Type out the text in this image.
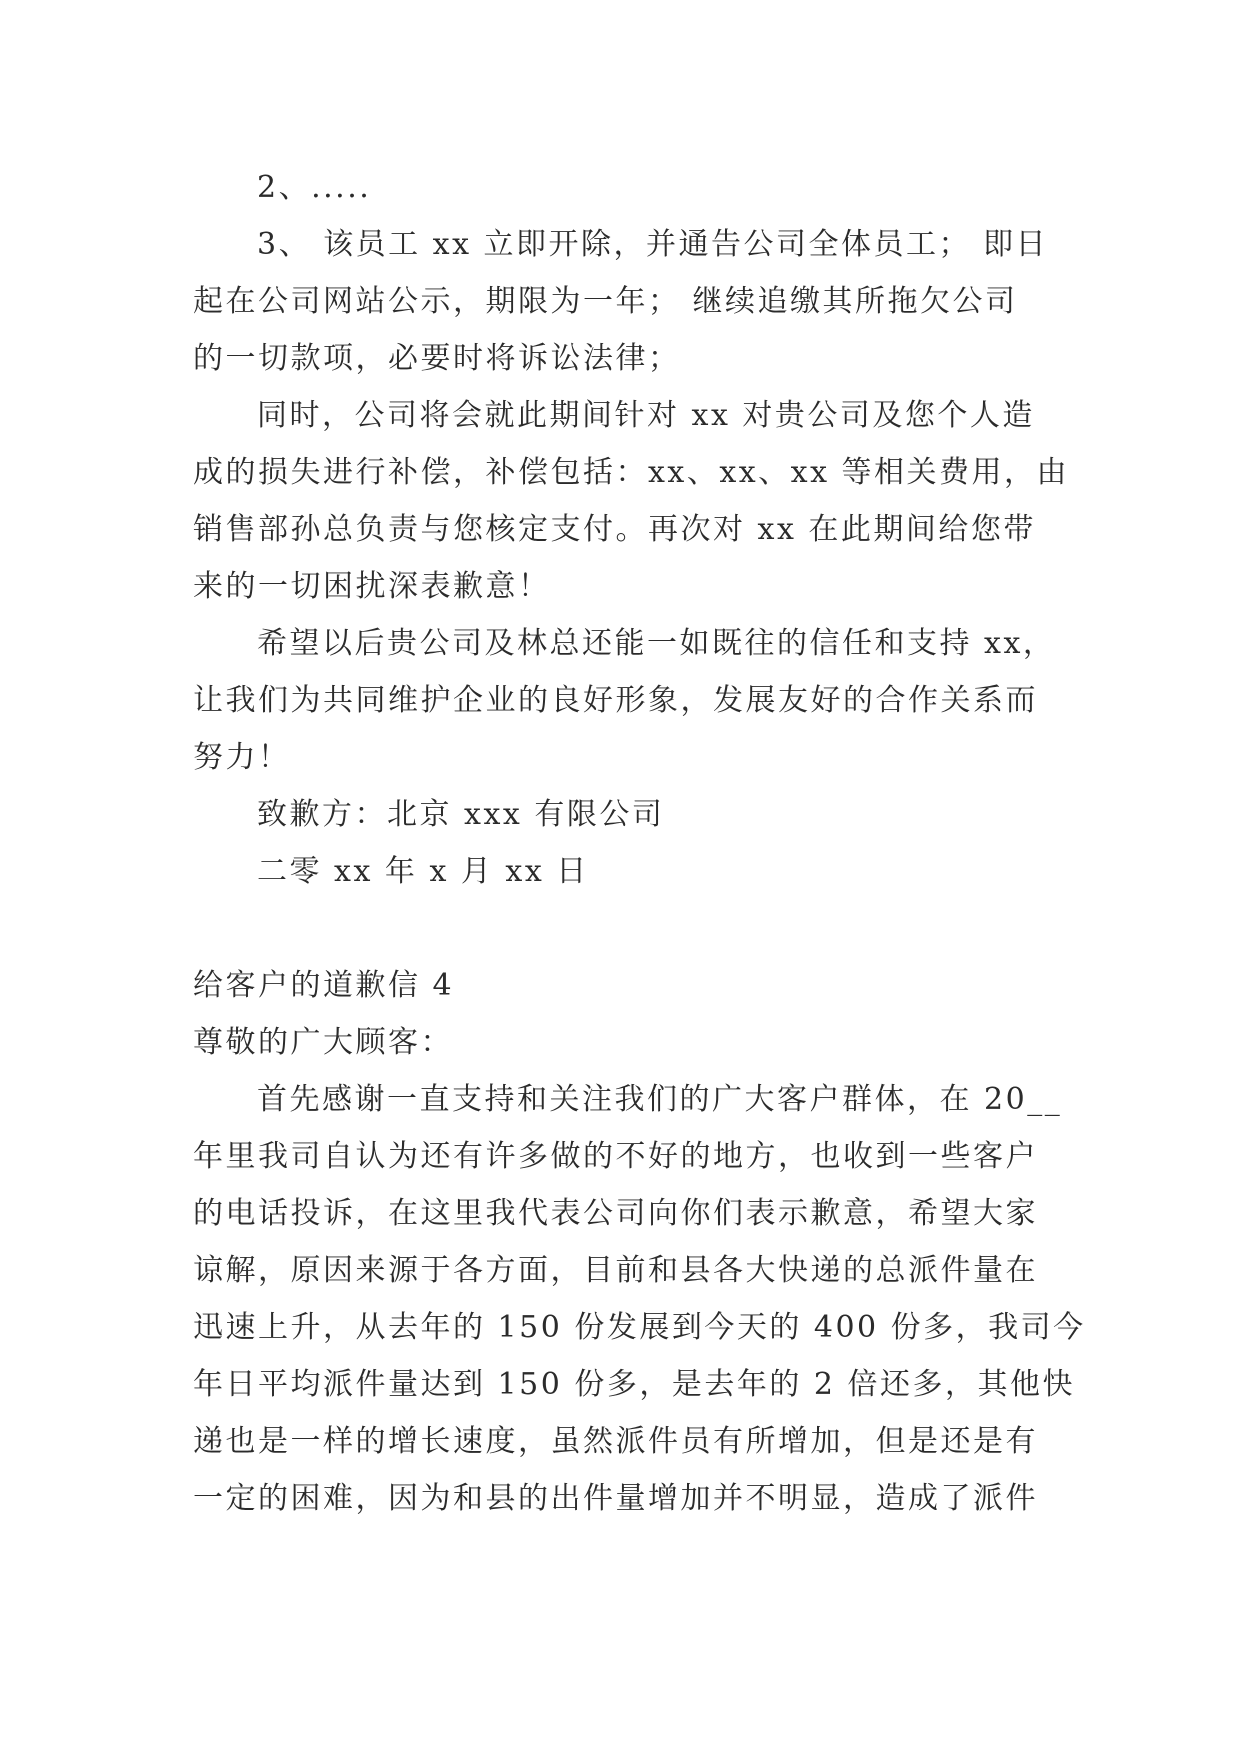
2、.....
3、 该员工 xx 立即开除，并通告公司全体员工； 即日
起在公司网站公示，期限为一年； 继续追缴其所拖欠公司
的一切款项，必要时将诉讼法律；
同时，公司将会就此期间针对 xx 对贵公司及您个人造
成的损失进行补偿，补偿包括：xx、xx、xx 等相关费用，由
销售部孙总负责与您核定支付。再次对 xx 在此期间给您带
来的一切困扰深表歉意！
希望以后贵公司及林总还能一如既往的信任和支持 xx，
让我们为共同维护企业的良好形象，发展友好的合作关系而
努力！
致歉方：北京 xxx 有限公司
二零 xx 年 x 月 xx 日
给客户的道歉信 4
尊敬的广大顾客：
首先感谢一直支持和关注我们的广大客户群体，在 20__
年里我司自认为还有许多做的不好的地方，也收到一些客户
的电话投诉，在这里我代表公司向你们表示歉意，希望大家
谅解，原因来源于各方面，目前和县各大快递的总派件量在
迅速上升，从去年的 150 份发展到今天的 400 份多，我司今
年日平均派件量达到 150 份多，是去年的 2 倍还多，其他快
递也是一样的增长速度，虽然派件员有所增加，但是还是有
一定的困难，因为和县的出件量增加并不明显，造成了派件
